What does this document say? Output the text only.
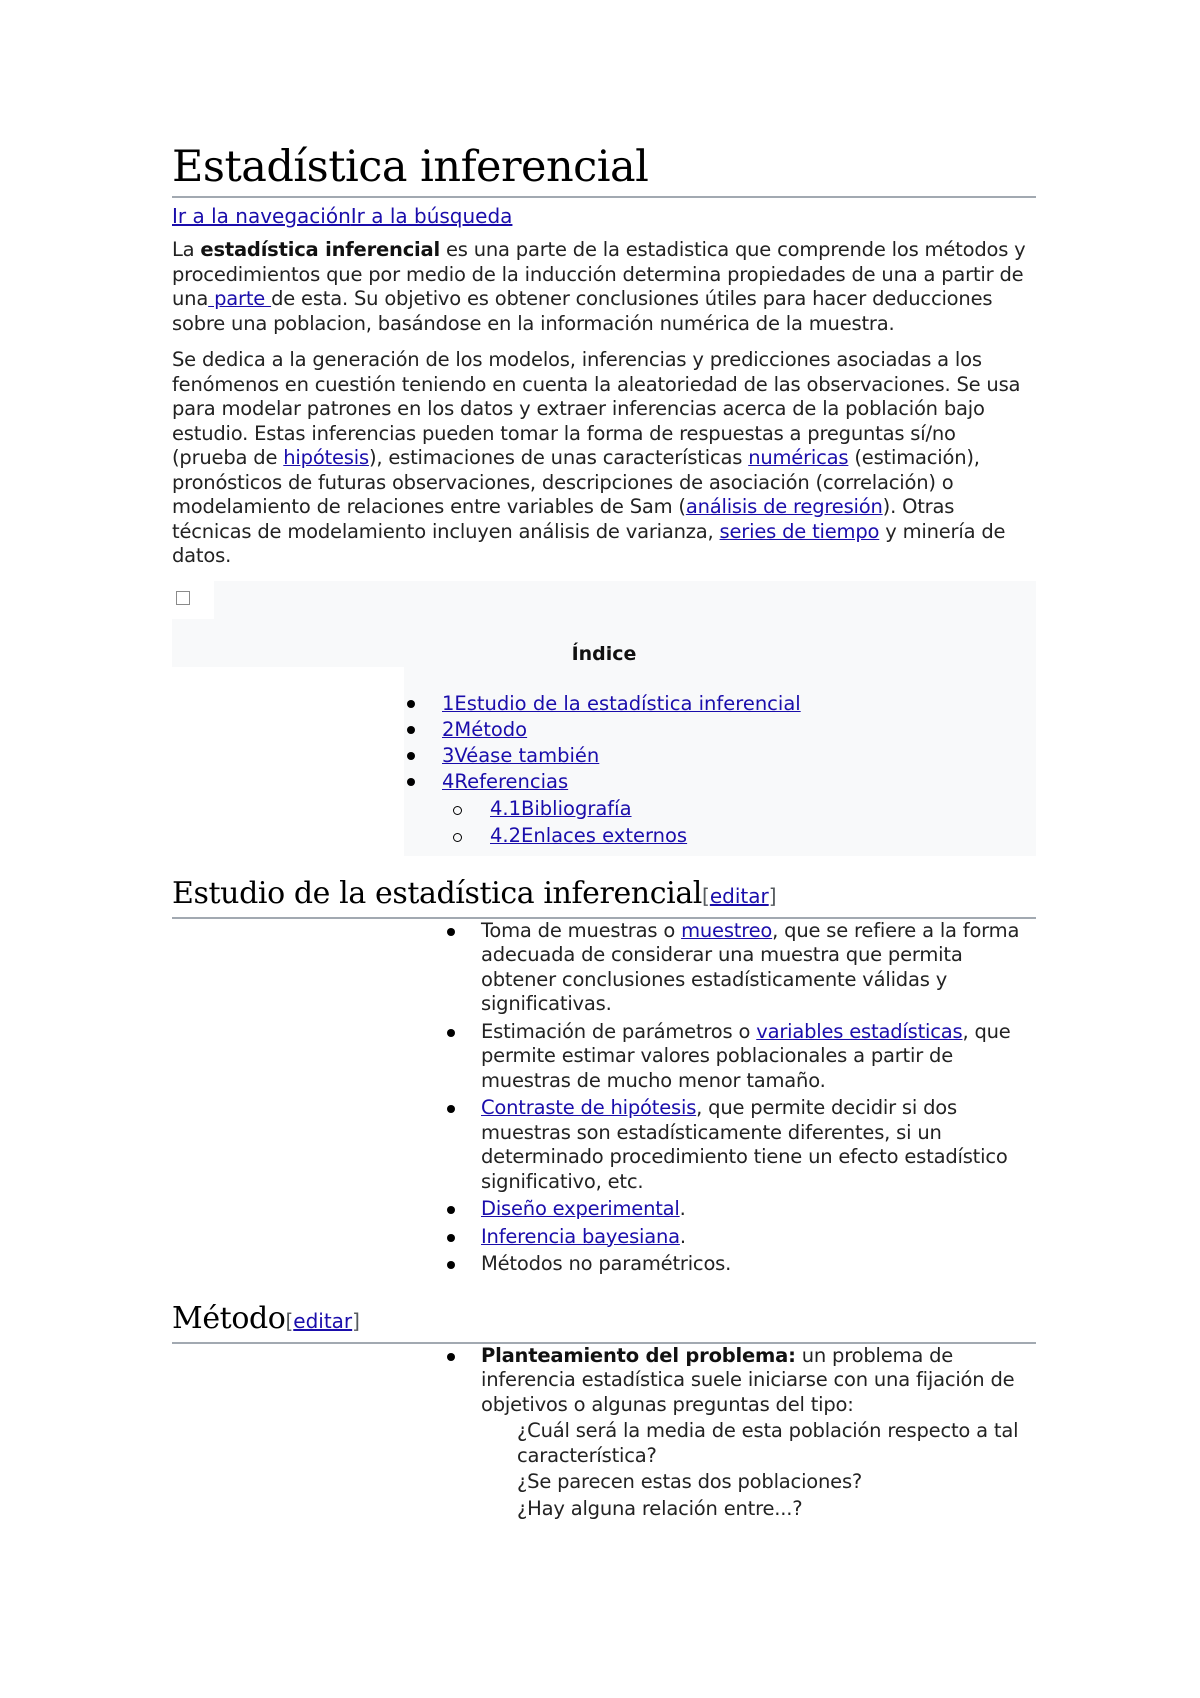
Estadística inferencial
Ir a la navegaciónIr a la búsqueda

La estadística inferencial es una parte de la estadistica que comprende los métodos y procedimientos que por medio de la inducción determina propiedades de una a partir de una parte de esta. Su objetivo es obtener conclusiones útiles para hacer deducciones sobre una poblacion, basándose en la información numérica de la muestra.

Se dedica a la generación de los modelos, inferencias y predicciones asociadas a los fenómenos en cuestión teniendo en cuenta la aleatoriedad de las observaciones. Se usa para modelar patrones en los datos y extraer inferencias acerca de la población bajo estudio. Estas inferencias pueden tomar la forma de respuestas a preguntas sí/no (prueba de hipótesis), estimaciones de unas características numéricas (estimación), pronósticos de futuras observaciones, descripciones de asociación (correlación) o modelamiento de relaciones entre variables de Sam (análisis de regresión). Otras técnicas de modelamiento incluyen análisis de varianza, series de tiempo y minería de datos.

Índice
1Estudio de la estadística inferencial
2Método
3Véase también
4Referencias
4.1Bibliografía
4.2Enlaces externos
Estudio de la estadística inferencial[editar]
Toma de muestras o muestreo, que se refiere a la forma adecuada de considerar una muestra que permita obtener conclusiones estadísticamente válidas y significativas.
Estimación de parámetros o variables estadísticas, que permite estimar valores poblacionales a partir de muestras de mucho menor tamaño.
Contraste de hipótesis, que permite decidir si dos muestras son estadísticamente diferentes, si un determinado procedimiento tiene un efecto estadístico significativo, etc.
Diseño experimental.
Inferencia bayesiana.
Métodos no paramétricos.
Método[editar]
Planteamiento del problema: un problema de inferencia estadística suele iniciarse con una fijación de objetivos o algunas preguntas del tipo:
¿Cuál será la media de esta población respecto a tal característica?
¿Se parecen estas dos poblaciones?
¿Hay alguna relación entre...?
